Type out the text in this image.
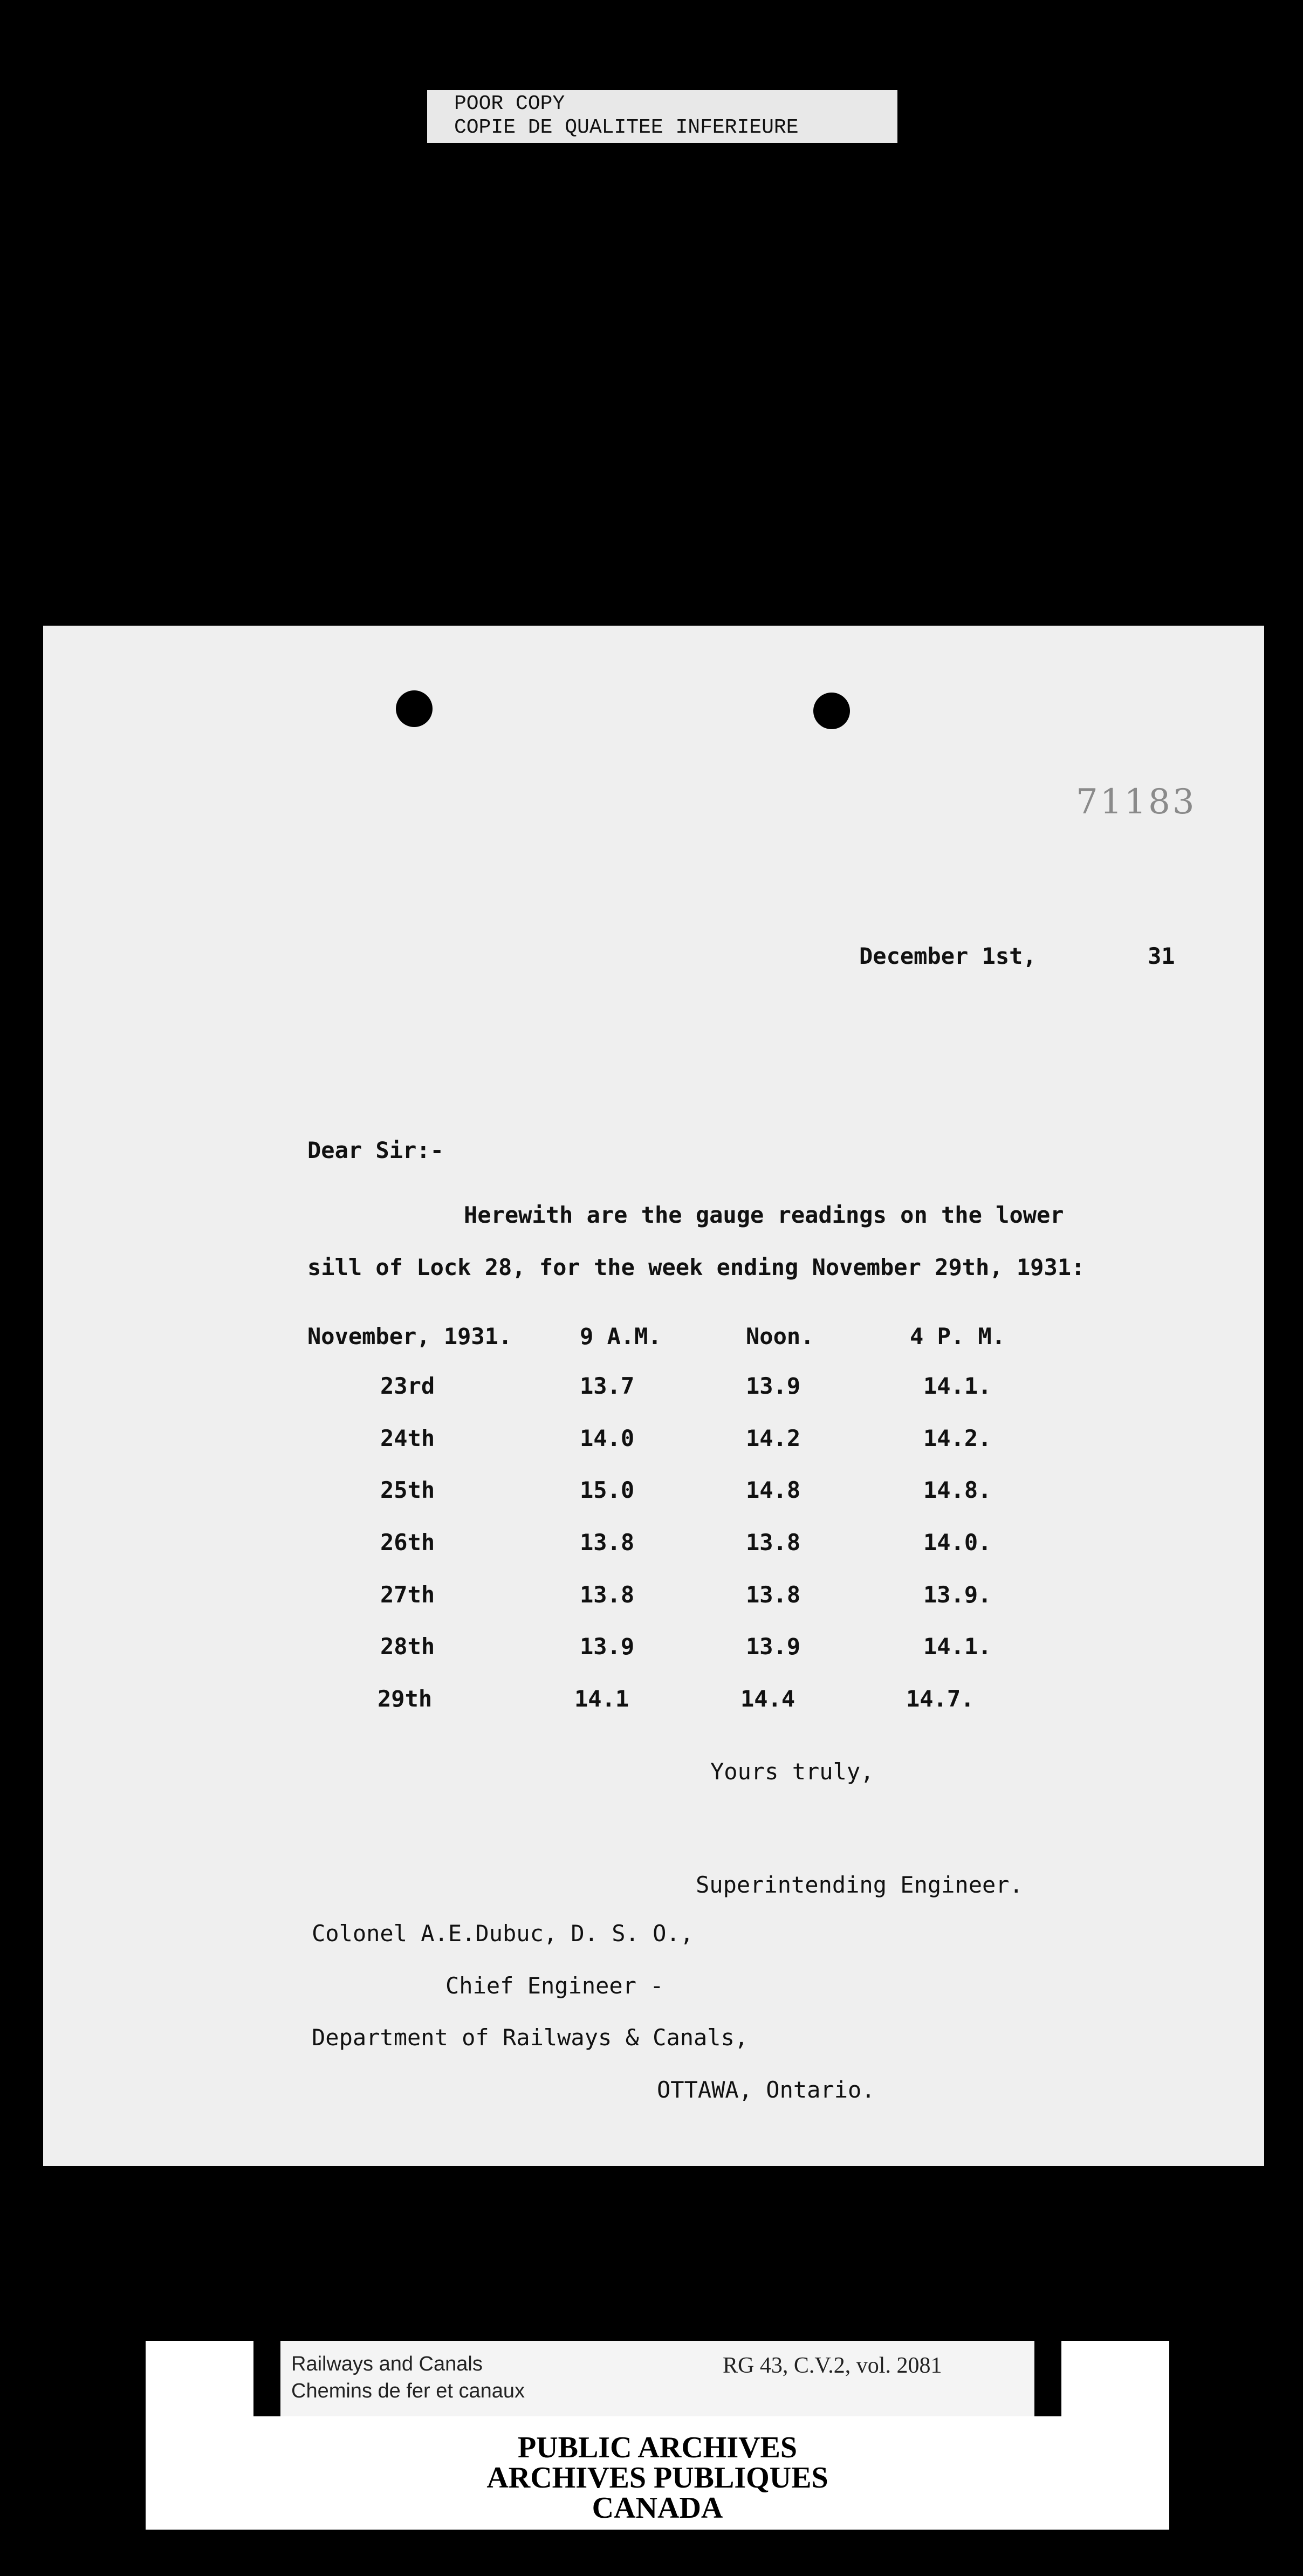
POOR COPY
COPIE DE QUALITEE INFERIEURE
71183
December 1st,	31
Dear Sir:-
Herewith are the gauge readings on the lower
sill of Lock 28, for the week ending November 29th, 1931:
November, 1931.	9 A.M.	Noon.	4 P. M.
23rd	13.7	13.9	14.1.
24th	14.0	14.2	14.2.
25th	15.0	14.8	14.8.
26th	13.8	13.8	14.0.
27th	13.8	13.8	13.9.
28th	13.9	13.9	14.1.
29th	14.1	14.4	14.7.
Yours truly,
Superintending Engineer.
Colonel A.E.Dubuc, D. S. O.,
Chief Engineer -
Department of Railways & Canals,
OTTAWA, Ontario.
Railways and Canals
Chemins de fer et canaux
RG 43, C.V.2, vol. 2081
PUBLIC ARCHIVES
ARCHIVES PUBLIQUES
CANADA
